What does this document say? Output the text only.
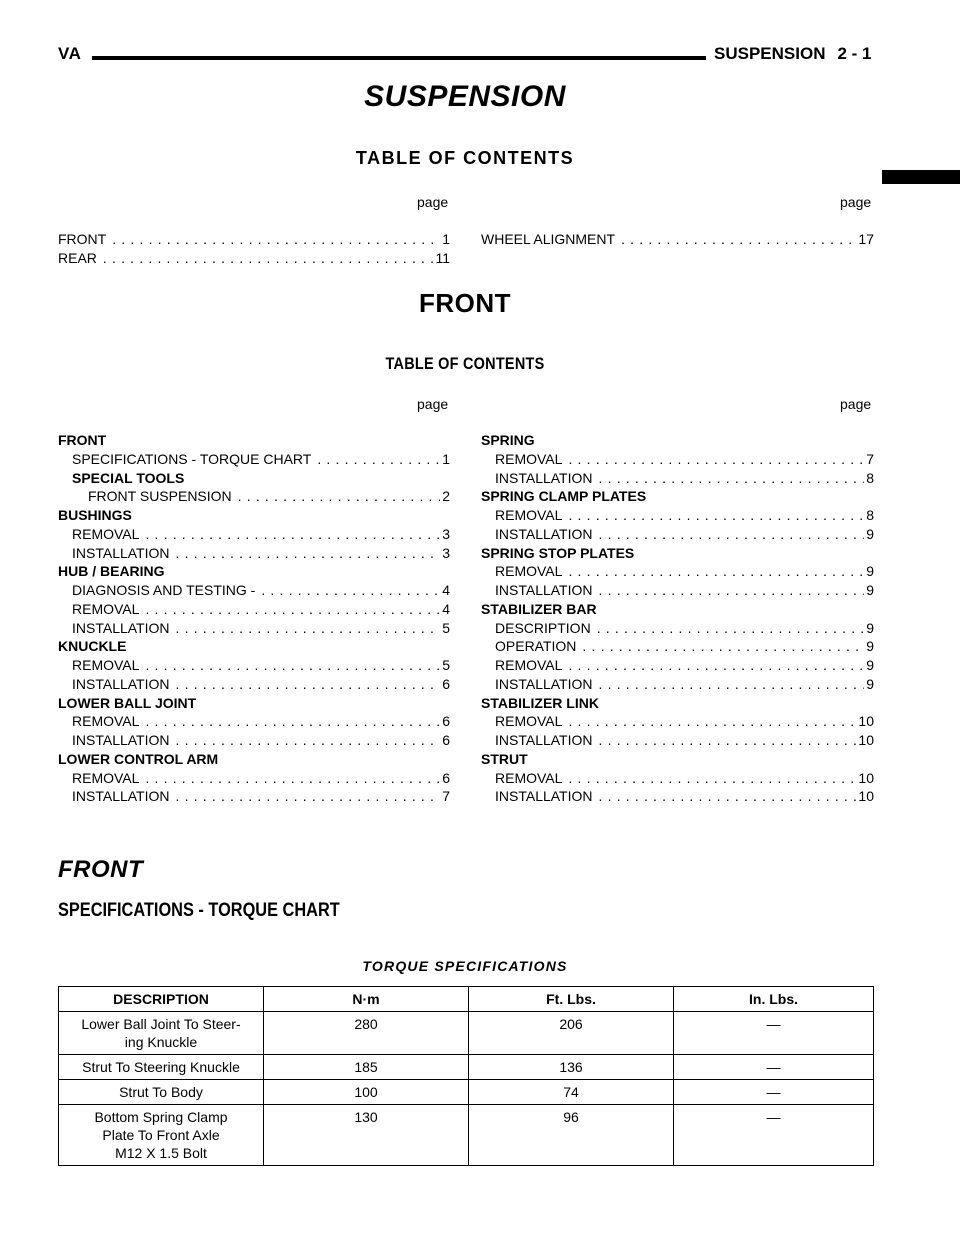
VA	SUSPENSION 2 - 1
SUSPENSION
TABLE OF CONTENTS
page	page
FRONT .....	1
REAR .....	11
WHEEL ALIGNMENT .....	17
FRONT
TABLE OF CONTENTS
page	page
FRONT
SPECIFICATIONS - TORQUE CHART .....	1
SPECIAL TOOLS
FRONT SUSPENSION .....	2
BUSHINGS
REMOVAL .....	3
INSTALLATION .....	3
HUB / BEARING
DIAGNOSIS AND TESTING - .....	4
REMOVAL .....	4
INSTALLATION .....	5
KNUCKLE
REMOVAL .....	5
INSTALLATION .....	6
LOWER BALL JOINT
REMOVAL .....	6
INSTALLATION .....	6
LOWER CONTROL ARM
REMOVAL .....	6
INSTALLATION .....	7
SPRING
REMOVAL .....	7
INSTALLATION .....	8
SPRING CLAMP PLATES
REMOVAL .....	8
INSTALLATION .....	9
SPRING STOP PLATES
REMOVAL .....	9
INSTALLATION .....	9
STABILIZER BAR
DESCRIPTION .....	9
OPERATION .....	9
REMOVAL .....	9
INSTALLATION .....	9
STABILIZER LINK
REMOVAL .....	10
INSTALLATION .....	10
STRUT
REMOVAL .....	10
INSTALLATION .....	10
FRONT
SPECIFICATIONS - TORQUE CHART
TORQUE SPECIFICATIONS
DESCRIPTION	N·m	Ft. Lbs.	In. Lbs.
Lower Ball Joint To Steer-
ing Knuckle	280	206	—
Strut To Steering Knuckle	185	136	—
Strut To Body	100	74	—
Bottom Spring Clamp
Plate To Front Axle
M12 X 1.5 Bolt	130	96	—
